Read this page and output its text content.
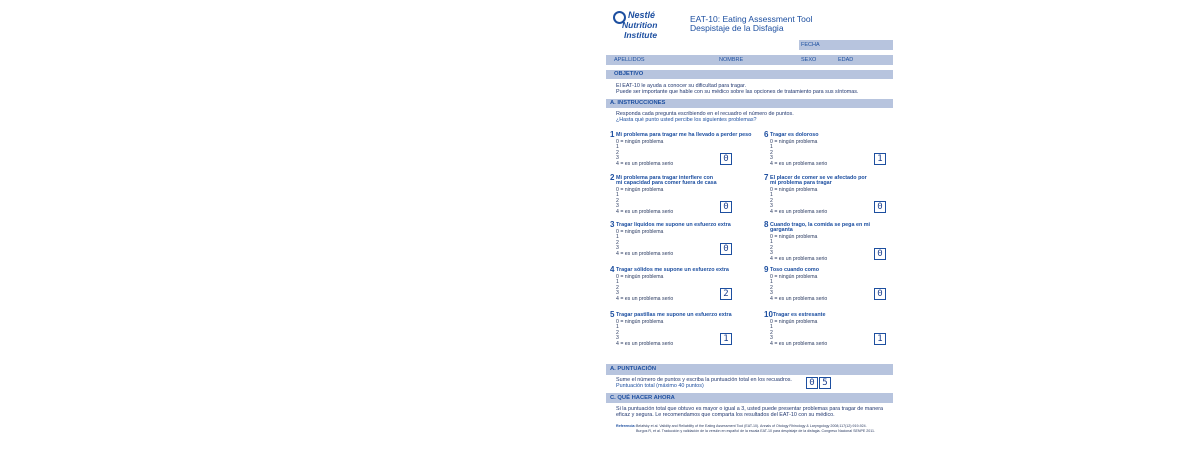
Nestlé
Nutrition
Institute
EAT-10: Eating Assessment Tool
Despistaje de la Disfagia
FECHA
APELLIDOS	NOMBRE	SEXO	EDAD
OBJETIVO
El EAT-10 le ayuda a conocer su dificultad para tragar.
Puede ser importante que hable con su médico sobre las opciones de tratamiento para sus síntomas.
A. INSTRUCCIONES
Responda cada pregunta escribiendo en el recuadro el número de puntos.
¿Hasta qué punto usted percibe los siguientes problemas?
1 Mi problema para tragar me ha llevado a perder peso
0 = ningún problema
1
2
3
4 = es un problema serio	0
2 Mi problema para tragar interfiere con
mi capacidad para comer fuera de casa
0 = ningún problema
1
2
3
4 = es un problema serio	0
3 Tragar líquidos me supone un esfuerzo extra
0 = ningún problema
1
2
3
4 = es un problema serio	0
4 Tragar sólidos me supone un esfuerzo extra
0 = ningún problema
1
2
3
4 = es un problema serio	2
5 Tragar pastillas me supone un esfuerzo extra
0 = ningún problema
1
2
3
4 = es un problema serio	1
6 Tragar es doloroso
0 = ningún problema
1
2
3
4 = es un problema serio	1
7 El placer de comer se ve afectado por
mi problema para tragar
0 = ningún problema
1
2
3
4 = es un problema serio	0
8 Cuando trago, la comida se pega en mi
garganta
0 = ningún problema
1
2
3
4 = es un problema serio	0
9 Toso cuando como
0 = ningún problema
1
2
3
4 = es un problema serio	0
10 Tragar es estresante
0 = ningún problema
1
2
3
4 = es un problema serio	1
A. PUNTUACIÓN
Sume el número de puntos y escriba la puntuación total en los recuadros.
Puntuación total (máximo 40 puntos)	0 5
C. QUÉ HACER AHORA
Si la puntuación total que obtuvo es mayor o igual a 3, usted puede presentar problemas para tragar de manera
eficaz y segura. Le recomendamos que comparta los resultados del EAT-10 con su médico.
Referencia: Belafsky et al. Validity and Reliability of the Eating Assessment Tool (EAT-10). Annals of Otology Rhinology & Laryngology 2008;117(12):919-924.
Burgos R, et al. Traducción y validación de la versión en español de la escala EAT-10 para despistaje de la disfagia. Congreso Nacional SENPE 2011.
